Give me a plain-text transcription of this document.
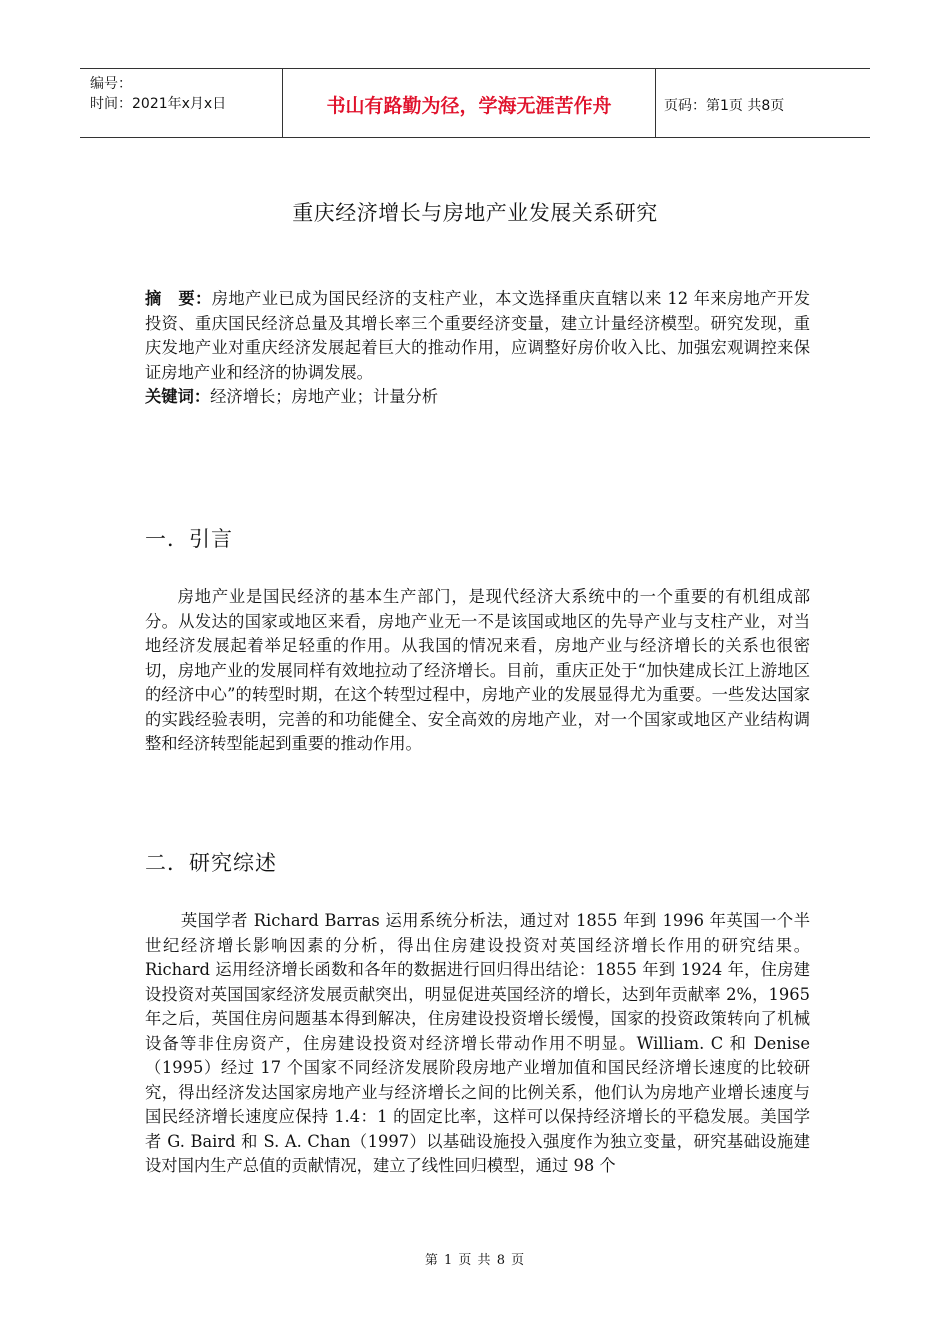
编号：
时间：2021年x月x日	书山有路勤为径，学海无涯苦作舟	页码：第1页 共8页
重庆经济增长与房地产业发展关系研究
摘　要：房地产业已成为国民经济的支柱产业，本文选择重庆直辖以来 12 年来房地产开发投资、重庆国民经济总量及其增长率三个重要经济变量，建立计量经济模型。研究发现，重庆发地产业对重庆经济发展起着巨大的推动作用，应调整好房价收入比、加强宏观调控来保证房地产业和经济的协调发展。
关键词：经济增长；房地产业；计量分析
一．引言
房地产业是国民经济的基本生产部门，是现代经济大系统中的一个重要的有机组成部分。从发达的国家或地区来看，房地产业无一不是该国或地区的先导产业与支柱产业，对当地经济发展起着举足轻重的作用。从我国的情况来看，房地产业与经济增长的关系也很密切，房地产业的发展同样有效地拉动了经济增长。目前，重庆正处于“加快建成长江上游地区的经济中心”的转型时期，在这个转型过程中，房地产业的发展显得尤为重要。一些发达国家的实践经验表明，完善的和功能健全、安全高效的房地产业，对一个国家或地区产业结构调整和经济转型能起到重要的推动作用。
二．研究综述
英国学者 Richard Barras 运用系统分析法，通过对 1855 年到 1996 年英国一个半世纪经济增长影响因素的分析，得出住房建设投资对英国经济增长作用的研究结果。Richard 运用经济增长函数和各年的数据进行回归得出结论：1855 年到 1924 年，住房建设投资对英国国家经济发展贡献突出，明显促进英国经济的增长，达到年贡献率 2%，1965 年之后，英国住房问题基本得到解决，住房建设投资增长缓慢，国家的投资政策转向了机械设备等非住房资产，住房建设投资对经济增长带动作用不明显。William. C 和 Denise（1995）经过 17 个国家不同经济发展阶段房地产业增加值和国民经济增长速度的比较研究，得出经济发达国家房地产业与经济增长之间的比例关系，他们认为房地产业增长速度与国民经济增长速度应保持 1.4：1 的固定比率，这样可以保持经济增长的平稳发展。美国学者 G. Baird 和 S. A. Chan（1997）以基础设施投入强度作为独立变量，研究基础设施建设对国内生产总值的贡献情况，建立了线性回归模型，通过 98 个
第 1 页 共 8 页
